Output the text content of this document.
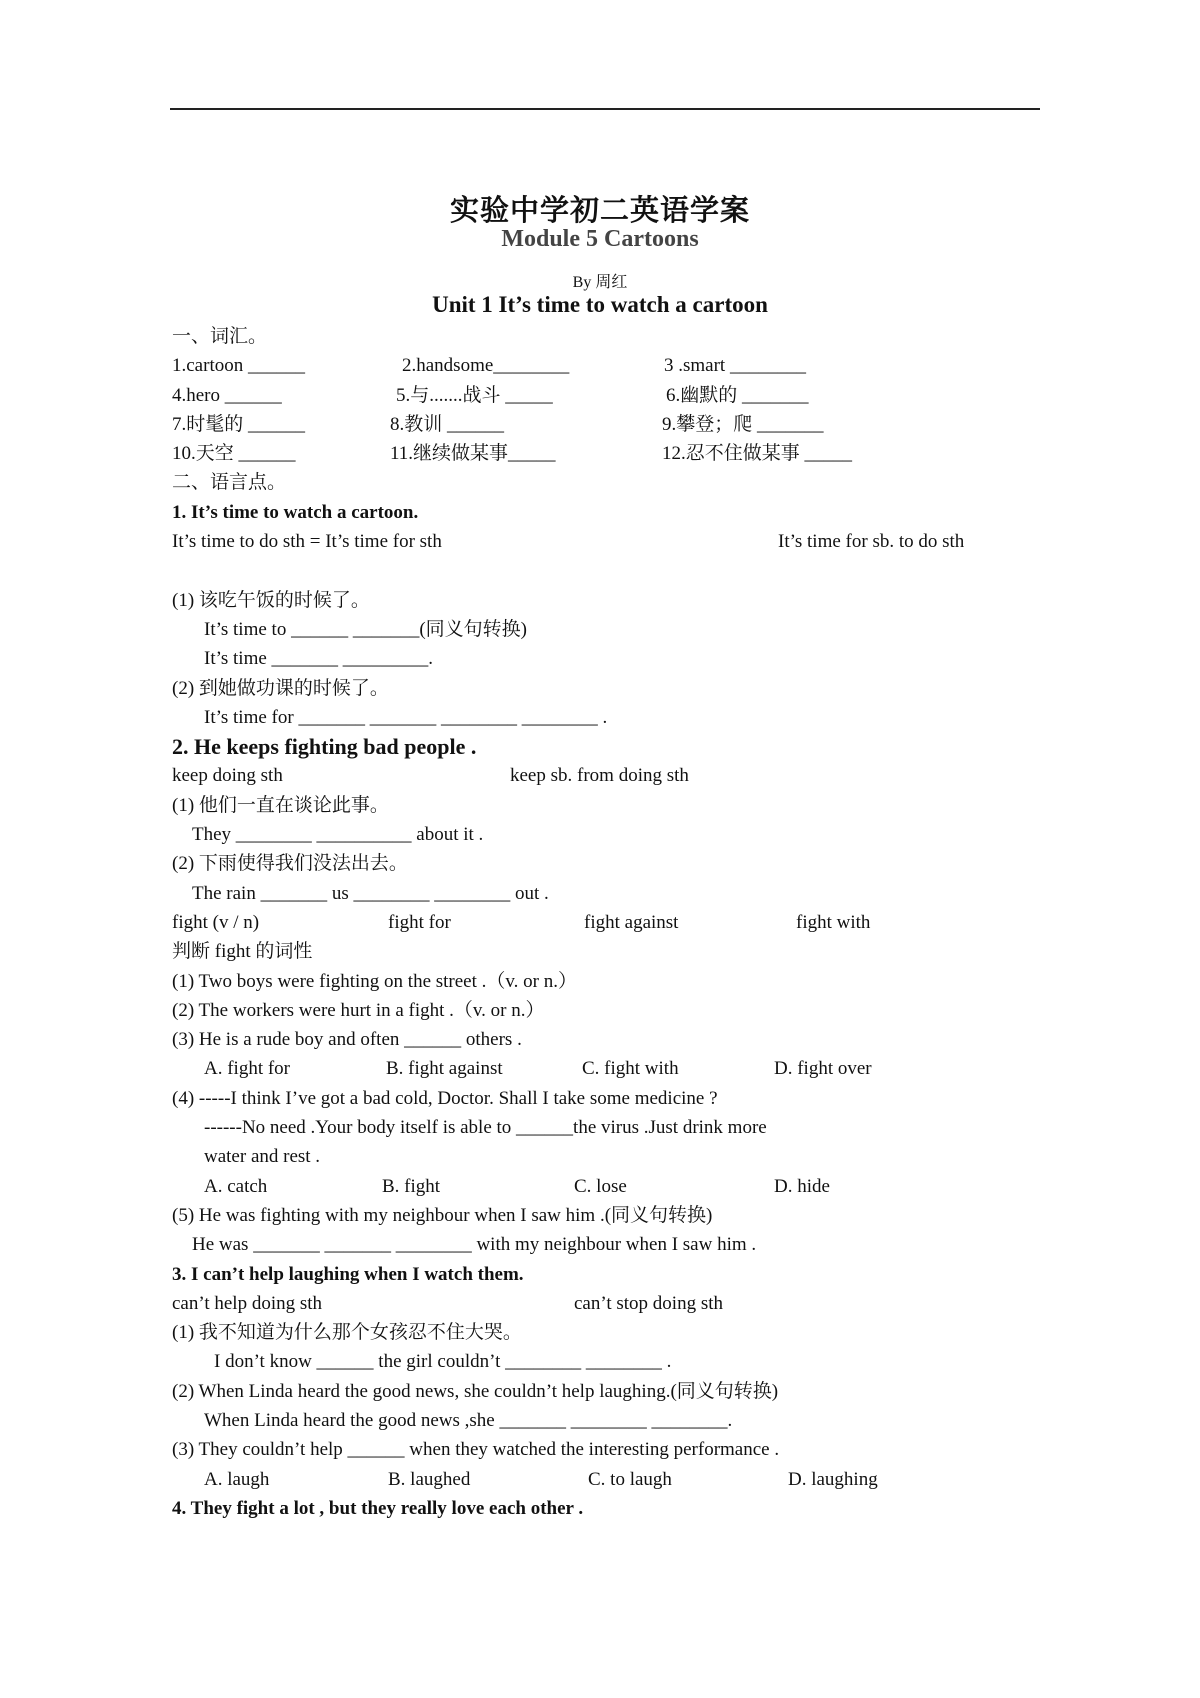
实验中学初二英语学案
Module 5 Cartoons
By 周红
Unit 1 It’s time to watch a cartoon
一、词汇。
1.cartoon ______	2.handsome________	3 .smart ________
4.hero ______	5.与.......战斗 _____	6.幽默的 _______
7.时髦的 ______	8.教训 ______	9.攀登；爬 _______
10.天空 ______	11.继续做某事_____	12.忍不住做某事 _____
二、语言点。
1. It’s time to watch a cartoon.
It’s time to do sth = It’s time for sth	It’s time for sb. to do sth
(1) 该吃午饭的时候了。
It’s time to ______ _______(同义句转换)
It’s time _______ _________.
(2) 到她做功课的时候了。
It’s time for _______ _______ ________ ________ .
2. He keeps fighting bad people .
keep doing sth	keep sb. from doing sth
(1) 他们一直在谈论此事。
They ________ __________ about it .
(2) 下雨使得我们没法出去。
The rain _______ us ________ ________ out .
fight (v / n)	fight for	fight against	fight with
判断 fight 的词性
(1) Two boys were fighting on the street .（v. or n.）
(2) The workers were hurt in a fight .（v. or n.）
(3) He is a rude boy and often ______ others .
A. fight for	B. fight against	C. fight with	D. fight over
(4) -----I think I’ve got a bad cold, Doctor. Shall I take some medicine ?
------No need .Your body itself is able to ______the virus .Just drink more
water and rest .
A. catch	B. fight	C. lose	D. hide
(5) He was fighting with my neighbour when I saw him .(同义句转换)
He was _______ _______ ________ with my neighbour when I saw him .
3. I can’t help laughing when I watch them.
can’t help doing sth	can’t stop doing sth
(1) 我不知道为什么那个女孩忍不住大哭。
I don’t know ______ the girl couldn’t ________ ________ .
(2) When Linda heard the good news, she couldn’t help laughing.(同义句转换)
When Linda heard the good news ,she _______ ________ ________.
(3) They couldn’t help ______ when they watched the interesting performance .
A. laugh	B. laughed	C. to laugh	D. laughing
4. They fight a lot , but they really love each other .
